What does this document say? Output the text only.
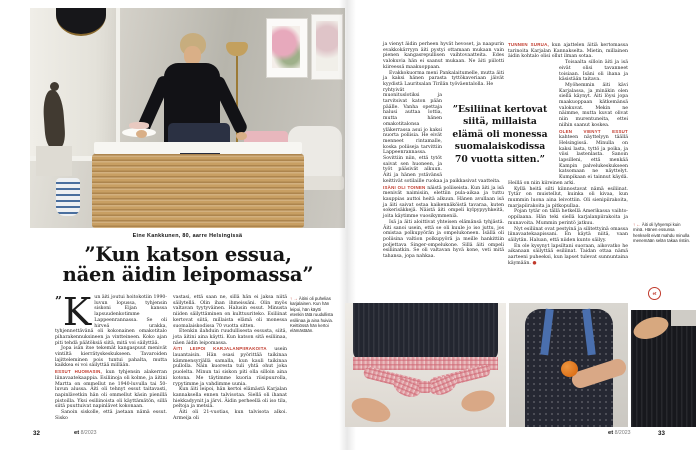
Eine Kankkunen, 80, aarre Helsingissä
”Kun katson essua,
näen äidin leipomassa”

” K un äiti joutui hoitokotiin 1990-luvun lopussa, tyhjensin siskoni Eijan kanssa lapsuudenkotimme Lappeenrannassa. Se oli hirveä urakka, tyhjennettävänä oli kokonainen omakotitalo piharakennuksineen ja vintteineen. Koko ajan piti tehdä päätöksiä siitä, mitä voi säilyttää.

Jopa isän itse tekemät kangaspuut menivät vintiltä kierrätyskeskukseen. Tavaroiden lajitteleminen pois tuntui pahalta, mutta kaikkea ei voi säilyttää millään.

ESSUT HUOMASIN, kun tyhjensin alakerran liinavaatekaappia. Esiliinoja oli kolme, ja äitini Martta on ommellut ne 1940-luvulla tai 50-luvun alussa. Äiti oli tehnyt essut taitavasti, napinlävetkin hän oli ommellut käsin pienillä pistoilla. Yksi esiliinoista oli käyttämätön, sillä siitä puuttuivat napinlävet kokonaan.

Sanoin siskolle, että jaetaan nämä essut. Sisko

vastasi, että saan ne, sillä hän ei jaksa niitä säilytellä. Olin ihan ihmeissäni. Olin myös valtavan tyytyväinen. Halusin essut. Minusta niiden säilyttäminen on kulttuuriteko. Esiliinat kertovat siitä, millaista elämä oli monessa suomalaiskodissa 70 vuotta sitten.

Etenkin ilahduin ruudullisesta essusta, siitä, jota äitini aina käytti. Kun katson sitä esiliinaa, näen äidin leipomassa.

ÄITI LEIPOI KARJALANPIIRAKOITA usein lauantaisin. Hän osasi pyörittää taikinaa kämmensyrjällä samalla, kun kauli taikinaa pullolla. Näin kuoresta tuli yhtä ohut joka puolelta. Minun tai siskon piti olla silloin aina kotona. Me täytimme kuoria riisipuurolla, rypytimme ja vahdimme uunia.

Kun äiti leipoi, hän kertoi elämästä Karjalan kannaksella ennen talvisotaa. Siellä oli ihanat hiekkadyynit ja järvi. Äidin perheellä oli iso tila, peltoja ja metsiä.

Äiti oli 21-vuotias, kun talvisota alkoi. Armeija oli

↑ → Äitini oli puhelias karjalainen. Kun hän leipoi, hän käytti etenkin tätä ruudullista esiliinaa ja aina huivia. Keittiössä hän kertoi elämästään.
32	et 8/2023

ja vienyt äidin perheen hyvät hevoset, ja naapurin evakkokärryyn äiti pystyi ottamaan mukaan vain pienen kangasrepullisen vaihtovaatteita. Edes valokuvia hän ei saanut mukaan. Ne äiti piilotti kiireessä maakuoppaan.

Evakkokuorma meni Pankalaitumelle, mutta äiti ja kaksi hänen parasta tyttökaveriaan jäivät kyydistä Lauritsalan Tirilän työväentalolla. He

ryhtyivät muonituslotiksi ja tarvitsivat katon pään päälle. Vanha opettaja halusi auttaa lottia, mutta hänen omakotitalonsa yläkerrassa asui jo kaksi nuorta poliisia. He eivät menneet rintamalle, koska poliiseja tarvittiin Lappeenrannassa. Sovittiin niin, että tytöt saivat sen huoneen, ja työt pääsivät alkuun. Äiti ja hänen ystävänsä keittivät sotilaille ruokaa ja paikkasivat vaatteita.

ISÄNI OLI TOINEN näistä poliiseista. Kun äiti ja isä menivät naimisiin, elettiin pula-aikaa ja tuttu kauppias auttoi heitä alkuun. Hänen avullaan isä ja äiti saivat ostaa kaikennäköistä tavaraa, kuten sokerisäkkejä. Näistä äiti ompeli kylpypyyhkeitä, joita käytimme vuosikymmeniä.

Isä ja äiti aloittivat yhteisen elämänsä tyhjästä. Äiti sanoi usein, että se oli kuule jo iso juttu, jos omistaa polkupyörän ja ompelukoneen. Isällä oli poliisina valtion polkupyörä ja meille hankittiin poljettava Singer-ompelukone. Sillä äiti ompeli esiliinatkin. Se oli valtavan hyvä kone, veti mitä tahansa, jopa nahkaa.

TUNNEN SURUA, kun ajattelen äitiä kertomassa tarinoita Karjalan Kannakselta. Mietin, millainen äidin kohtalo olisi ollut ilman sotaa.

Toisaalta silloin äiti ja isä eivät olisi tavanneet toisiaan. Isäni oli ihana ja käsistään taitava.

Myöhemmin äiti kävi Karjalassa, ja minäkin olen siellä käynyt. Äiti löysi jopa maakuoppaan kätkemänsä valokuvat. Mekin ne näimme, mutta kuvat olivat niin murentuneita, ettei niihin saanut koskea.

OLEN VIENYT ESSUT kahteen näyttelyyn täällä Helsingissä. Minulla on kaksi lasta, tyttö ja poika, ja viisi lastenlasta. Sanoin lapsilleni, että menkää Kampin palvelukeskukseen katsomaan ne näyttelyt. Kumpikaan ei tainnut käydä. Heillä on niin kiireinen arki.

Kyllä heitä silti kiinnostavat nämä esiliinat. Tytär on muistellut, kuinka oli kivaa, kun mummin luona aina leivottiin. Oli sienipiirakoita, marjapiirakoita ja pitkopullaa.

Pojan tytär on tällä hetkellä Amerikassa vaihto-oppilaana. Hän teki siellä karjalanpiirakoita ja munavoita. Mummin perintö jatkuu.

Nyt esiliinat ovat pestyinä ja silitettyinä omassa liinavaatekaapissani. En käytä niitä, vaan säilytän. Haluan, että niiden kunto säilyy.

En ole kysynyt lapsiltani suoraan, aikovatko he aikanaan säilyttää esiliinat. Taidan ottaa nämä aarteeni puheeksi, kun lapset tulevat sunnuntaina käymään. ●

”Esiliinat kertovat siitä, millaista elämä oli monessa suomalaiskodissa 70 vuotta sitten.”
↑ ← Äiti oli lyhyempi kuin minä. Hänen essunsa henkselit eivät mahdu minulla menemään selän takaa ristiin.
et
et 8/2023	33
